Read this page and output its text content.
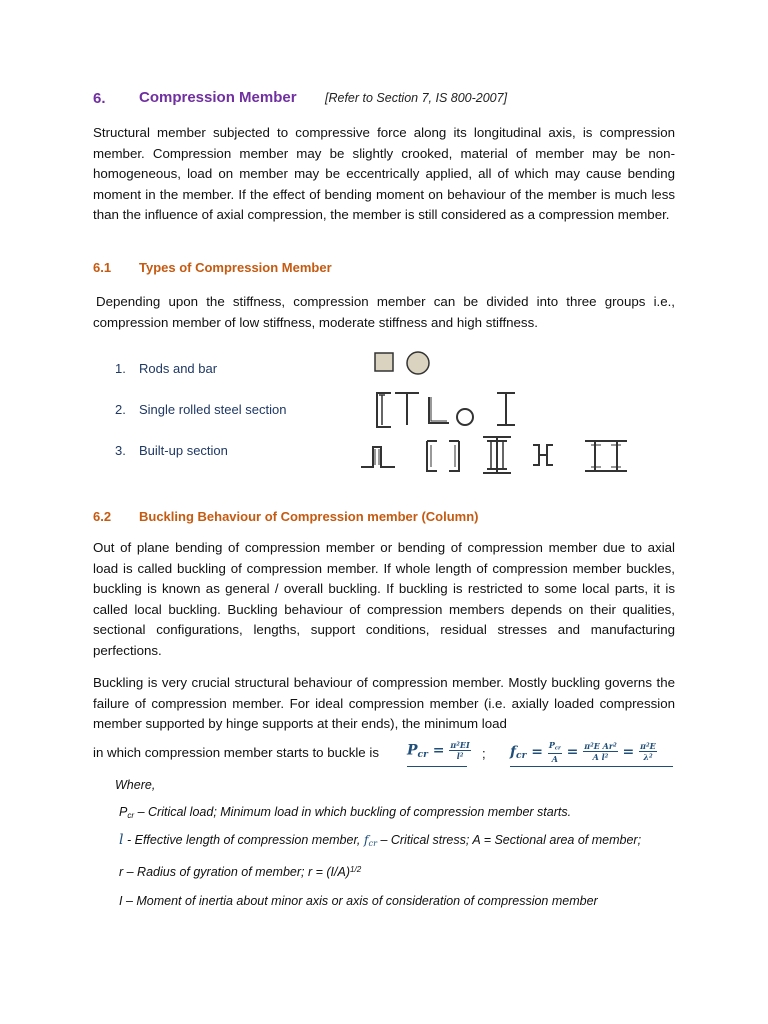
6. Compression Member [Refer to Section 7, IS 800-2007]

Structural member subjected to compressive force along its longitudinal axis, is compression member. Compression member may be slightly crooked, material of member may be non-homogeneous, load on member may be eccentrically applied, all of which may cause bending moment in the member. If the effect of bending moment on behaviour of the member is much less than the influence of axial compression, the member is still considered as a compression member.

6.1 Types of Compression Member

Depending upon the stiffness, compression member can be divided into three groups i.e., compression member of low stiffness, moderate stiffness and high stiffness.

1. Rods and bar
2. Single rolled steel section
3. Built-up section
6.2 Buckling Behaviour of Compression member (Column)

Out of plane bending of compression member or bending of compression member due to axial load is called buckling of compression member. If whole length of compression member buckles, buckling is known as general / overall buckling. If buckling is restricted to some local parts, it is called local buckling. Buckling behaviour of compression members depends on their qualities, sectional configurations, lengths, support conditions, residual stresses and manufacturing perfections.

Buckling is very crucial structural behaviour of compression member. Mostly buckling governs the failure of compression member. For ideal compression member (i.e. axially loaded compression member supported by hinge supports at their ends), the minimum load

in which compression member starts to buckle is $P_{cr} = \frac{\pi^2EI}{l^2}$ ; $f_{cr} = \frac{P_{cr}}{A} = \frac{\pi^2E Ar^2}{A l^2} = \frac{\pi^2E}{\lambda^2}$
Where,
$P_{cr}$ – Critical load; Minimum load in which buckling of compression member starts.
l - Effective length of compression member, $f_{cr}$ – Critical stress; A = Sectional area of member;
r – Radius of gyration of member; $r = (I/A)^{1/2}$
I – Moment of inertia about minor axis or axis of consideration of compression member
